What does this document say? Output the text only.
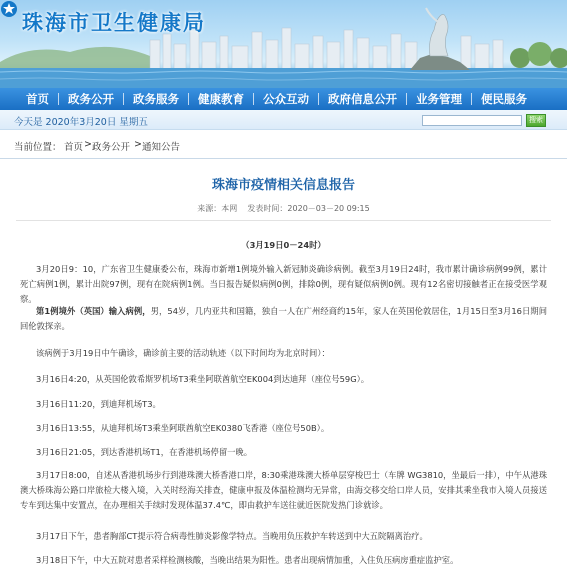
珠海市卫生健康局
首页	政务公开	政务服务	健康教育	公众互动	政府信息公开	业务管理	便民服务
今天是 2020年3月20日 星期五	搜索
当前位置： 首页 > 政务公开 > 通知公告
珠海市疫情相关信息报告
来源：本网 发表时间：2020－03－20 09:15
（3月19日0－24时）
3月20日9：10，广东省卫生健康委公布，珠海市新增1例境外输入新冠肺炎确诊病例。截至3月19日24时，我市累计确诊病例99例，累计死亡病例1例，累计出院97例，现有在院病例1例。当日报告疑似病例0例，排除0例，现有疑似病例0例。现有12名密切接触者正在接受医学观察。
第1例境外（英国）输入病例，男，54岁，几内亚共和国籍，独自一人在广州经商约15年，家人在英国伦敦居住，1月15日至3月16日期间回伦敦探亲。
该病例于3月19日中午确诊，确诊前主要的活动轨迹（以下时间均为北京时间）：
3月16日4:20，从英国伦敦希斯罗机场T3乘坐阿联酋航空EK004到达迪拜（座位号59G）。
3月16日11:20，到迪拜机场T3。
3月16日13:55，从迪拜机场T3乘坐阿联酋航空EK0380飞香港（座位号50B）。
3月16日21:05，到达香港机场T1，在香港机场停留一晚。
3月17日8:00，自述从香港机场步行到港珠澳大桥香港口岸，8:30乘港珠澳大桥单层穿梭巴士（车牌 WG3810，坐最后一排），中午从港珠澳大桥珠海公路口岸旅检大楼入境，入关时经海关排查，健康申报及体温检测均无异常，由海交移交给口岸人员，安排其乘坐我市入境人员接送专车到达集中安置点，在办理相关手续时发现体温37.4℃，即由救护车送往就近医院发热门诊就诊。
3月17日下午，患者胸部CT提示符合病毒性肺炎影像学特点。当晚用负压救护车转送到中大五院隔离治疗。
3月18日下午，中大五院对患者采样检测核酸，当晚出结果为阳性。患者出现病情加重，入住负压病房重症监护室。
